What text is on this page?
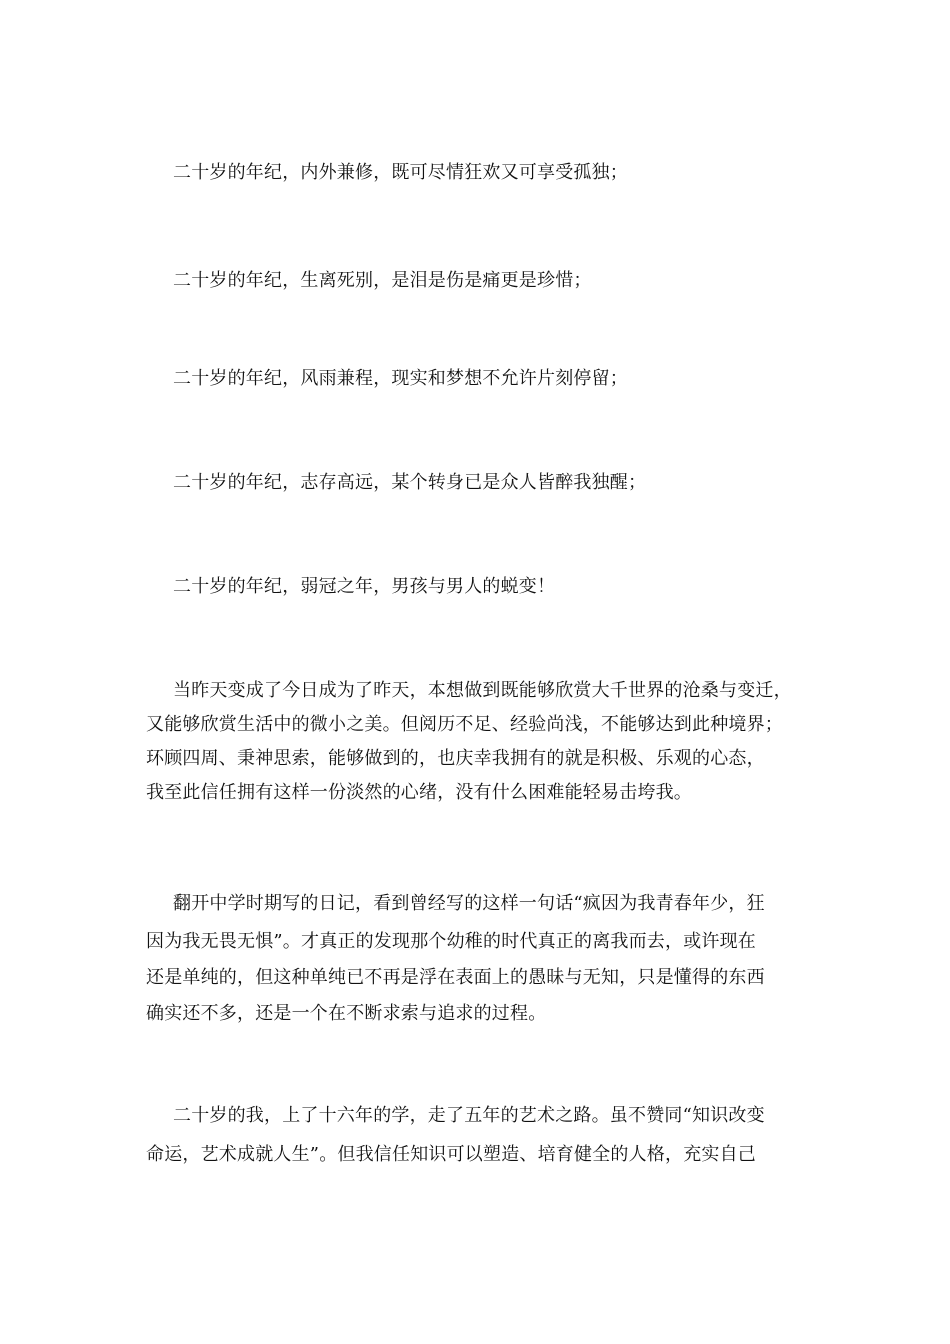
二十岁的年纪，内外兼修，既可尽情狂欢又可享受孤独；
二十岁的年纪，生离死别，是泪是伤是痛更是珍惜；
二十岁的年纪，风雨兼程，现实和梦想不允许片刻停留；
二十岁的年纪，志存高远，某个转身已是众人皆醉我独醒；
二十岁的年纪，弱冠之年，男孩与男人的蜕变！
当昨天变成了今日成为了昨天，本想做到既能够欣赏大千世界的沧桑与变迁，
又能够欣赏生活中的微小之美。但阅历不足、经验尚浅，不能够达到此种境界；
环顾四周、秉神思索，能够做到的，也庆幸我拥有的就是积极、乐观的心态，
我至此信任拥有这样一份淡然的心绪，没有什么困难能轻易击垮我。
翻开中学时期写的日记，看到曾经写的这样一句话“疯因为我青春年少，狂
因为我无畏无惧”。才真正的发现那个幼稚的时代真正的离我而去，或许现在
还是单纯的，但这种单纯已不再是浮在表面上的愚昧与无知，只是懂得的东西
确实还不多，还是一个在不断求索与追求的过程。
二十岁的我，上了十六年的学，走了五年的艺术之路。虽不赞同“知识改变
命运，艺术成就人生”。但我信任知识可以塑造、培育健全的人格，充实自己
